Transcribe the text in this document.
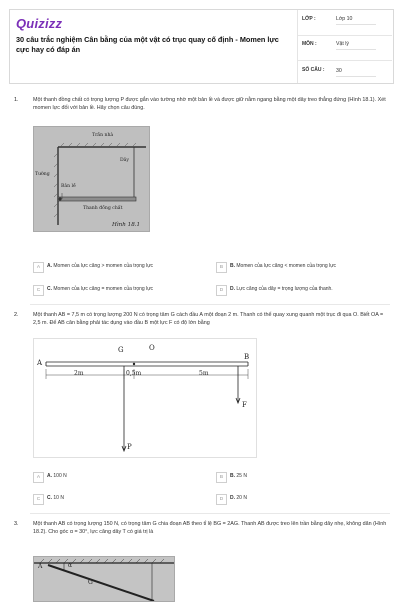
Quizizz
30 câu trắc nghiệm Cân bằng của một vật có trục quay cố định - Momen lực cực hay có đáp án
LỚP :	Lớp 10
MÔN :	Vật lý
SỐ CÂU : 30
1.	Một thanh đồng chất có trọng lượng P được gắn vào tường nhờ một bản lề và được giữ nằm ngang bằng một dây treo thẳng đứng (Hình 18.1). Xét momen lực đối với bản lề. Hãy chọn câu đúng.
Trần nhà
Dây
Tường
Bản lề
Thanh đồng chất
Hình 18.1
A	A. Momen của lực căng > momen của trọng lực	B	B. Momen của lực căng < momen của trọng lực
C	C. Momen của lực căng = momen của trọng lực	D	D. Lực căng của dây = trọng lượng của thanh.
2.	Một thanh AB = 7,5 m có trọng lượng 200 N có trọng tâm G cách đầu A một đoạn 2 m. Thanh có thể quay xung quanh một trục đi qua O. Biết OA = 2,5 m. Để AB cân bằng phải tác dụng vào đầu B một lực F có độ lớn bằng
A
B
G	O
2m	0,5m	5m
P
F
A	A. 100 N	B	B. 25 N
C	C. 10 N	D	D. 20 N
3.	Một thanh AB có trọng lượng 150 N, có trọng tâm G chia đoạn AB theo tỉ lệ BG = 2AG. Thanh AB được treo lên trần bằng dây nhẹ, không dãn (Hình 18.2). Cho góc α = 30°, lực căng dây T có giá trị là
A	α
G
